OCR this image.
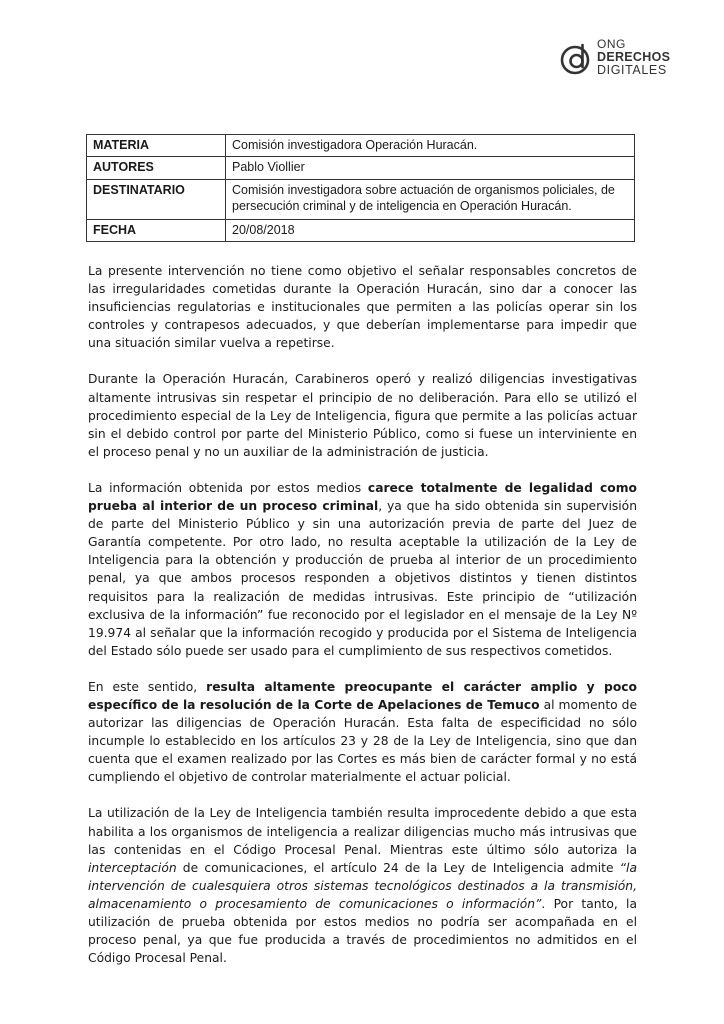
ONG
DERECHOS
DIGITALES
MATERIA	Comisión investigadora Operación Huracán.
AUTORES	Pablo Viollier
DESTINATARIO	Comisión investigadora sobre actuación de organismos policiales, de persecución criminal y de inteligencia en Operación Huracán.
FECHA	20/08/2018

La presente intervención no tiene como objetivo el señalar responsables concretos de las irregularidades cometidas durante la Operación Huracán, sino dar a conocer las insuficiencias regulatorias e institucionales que permiten a las policías operar sin los controles y contrapesos adecuados, y que deberían implementarse para impedir que una situación similar vuelva a repetirse.

Durante la Operación Huracán, Carabineros operó y realizó diligencias investigativas altamente intrusivas sin respetar el principio de no deliberación. Para ello se utilizó el procedimiento especial de la Ley de Inteligencia, figura que permite a las policías actuar sin el debido control por parte del Ministerio Público, como si fuese un interviniente en el proceso penal y no un auxiliar de la administración de justicia.

La información obtenida por estos medios carece totalmente de legalidad como prueba al interior de un proceso criminal, ya que ha sido obtenida sin supervisión de parte del Ministerio Público y sin una autorización previa de parte del Juez de Garantía competente. Por otro lado, no resulta aceptable la utilización de la Ley de Inteligencia para la obtención y producción de prueba al interior de un procedimiento penal, ya que ambos procesos responden a objetivos distintos y tienen distintos requisitos para la realización de medidas intrusivas. Este principio de “utilización exclusiva de la información” fue reconocido por el legislador en el mensaje de la Ley Nº 19.974 al señalar que la información recogido y producida por el Sistema de Inteligencia del Estado sólo puede ser usado para el cumplimiento de sus respectivos cometidos.

En este sentido, resulta altamente preocupante el carácter amplio y poco específico de la resolución de la Corte de Apelaciones de Temuco al momento de autorizar las diligencias de Operación Huracán. Esta falta de especificidad no sólo incumple lo establecido en los artículos 23 y 28 de la Ley de Inteligencia, sino que dan cuenta que el examen realizado por las Cortes es más bien de carácter formal y no está cumpliendo el objetivo de controlar materialmente el actuar policial.

La utilización de la Ley de Inteligencia también resulta improcedente debido a que esta habilita a los organismos de inteligencia a realizar diligencias mucho más intrusivas que las contenidas en el Código Procesal Penal. Mientras este último sólo autoriza la interceptación de comunicaciones, el artículo 24 de la Ley de Inteligencia admite “la intervención de cualesquiera otros sistemas tecnológicos destinados a la transmisión, almacenamiento o procesamiento de comunicaciones o información”. Por tanto, la utilización de prueba obtenida por estos medios no podría ser acompañada en el proceso penal, ya que fue producida a través de procedimientos no admitidos en el Código Procesal Penal.
